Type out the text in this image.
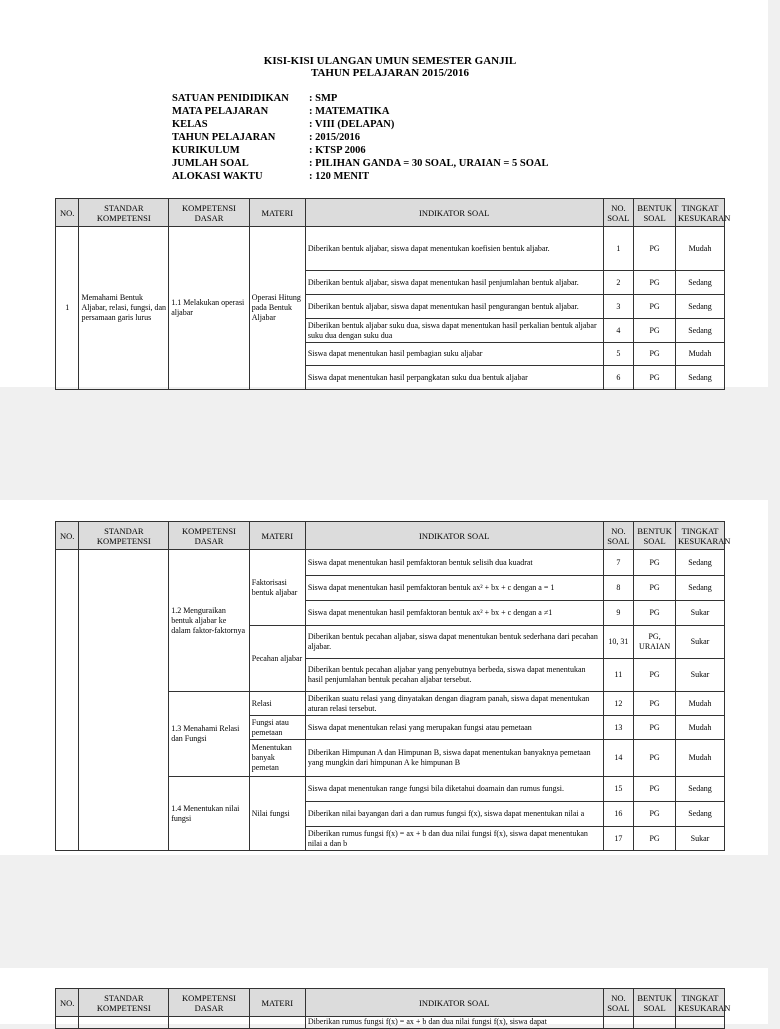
KISI-KISI ULANGAN UMUN SEMESTER GANJIL
TAHUN PELAJARAN 2015/2016
SATUAN PENIDIDIKAN	: SMP
MATA PELAJARAN	: MATEMATIKA
KELAS	: VIII (DELAPAN)
TAHUN PELAJARAN	: 2015/2016
KURIKULUM	: KTSP 2006
JUMLAH SOAL	: PILIHAN GANDA = 30 SOAL, URAIAN = 5 SOAL
ALOKASI WAKTU	: 120 MENIT
NO.	STANDAR KOMPETENSI	KOMPETENSI DASAR	MATERI	INDIKATOR SOAL	NO. SOAL	BENTUK SOAL	TINGKAT KESUKARAN
1	Memahami Bentuk Aljabar, relasi, fungsi, dan persamaan garis lurus	1.1 Melakukan operasi aljabar	Operasi Hitung pada Bentuk Aljabar	Diberikan bentuk aljabar, siswa dapat menentukan koefisien bentuk aljabar.	1	PG	Mudah
				Diberikan bentuk aljabar, siswa dapat menentukan hasil penjumlahan bentuk aljabar.	2	PG	Sedang
				Diberikan bentuk aljabar, siswa dapat menentukan hasil pengurangan bentuk aljabar.	3	PG	Sedang
				Diberikan bentuk aljabar suku dua, siswa dapat menentukan hasil perkalian bentuk aljabar suku dua dengan suku dua	4	PG	Sedang
				Siswa dapat menentukan hasil pembagian suku aljabar	5	PG	Mudah
				Siswa dapat menentukan hasil perpangkatan suku dua bentuk aljabar	6	PG	Sedang
NO.	STANDAR KOMPETENSI	KOMPETENSI DASAR	MATERI	INDIKATOR SOAL	NO. SOAL	BENTUK SOAL	TINGKAT KESUKARAN
		1.2 Menguraikan bentuk aljabar ke dalam faktor-faktornya	Faktorisasi bentuk aljabar	Siswa dapat menentukan hasil pemfaktoran bentuk selisih dua kuadrat	7	PG	Sedang
				Siswa dapat menentukan hasil pemfaktoran bentuk ax² + bx + c dengan a = 1	8	PG	Sedang
				Siswa dapat menentukan hasil pemfaktoran bentuk ax² + bx + c dengan a ≠1	9	PG	Sukar
			Pecahan aljabar	Diberikan bentuk pecahan aljabar, siswa dapat menentukan bentuk sederhana dari pecahan aljabar.	10, 31	PG, URAIAN	Sukar
				Diberikan bentuk pecahan aljabar yang penyebutnya berbeda, siswa dapat menentukan hasil penjumlahan bentuk pecahan aljabar tersebut.	11	PG	Sukar
		1.3 Menahami Relasi dan Fungsi	Relasi	Diberikan suatu relasi yang dinyatakan dengan diagram panah, siswa dapat menentukan aturan relasi tersebut.	12	PG	Mudah
			Fungsi atau pemetaan	Siswa dapat menentukan relasi yang merupakan fungsi atau pemetaan	13	PG	Mudah
			Menentukan banyak pemetan	Diberikan Himpunan A dan Himpunan B, siswa dapat menentukan banyaknya pemetaan yang mungkin dari himpunan A ke himpunan B	14	PG	Mudah
		1.4 Menentukan nilai fungsi	Nilai fungsi	Siswa dapat menentukan range fungsi bila diketahui doamain dan rumus fungsi.	15	PG	Sedang
				Diberikan nilai bayangan dari a dan rumus fungsi f(x), siswa dapat menentukan nilai a	16	PG	Sedang
				Diberikan rumus fungsi f(x) = ax + b dan dua nilai fungsi f(x), siswa dapat menentukan nilai a dan b	17	PG	Sukar
NO.	STANDAR KOMPETENSI	KOMPETENSI DASAR	MATERI	INDIKATOR SOAL	NO. SOAL	BENTUK SOAL	TINGKAT KESUKARAN
				Diberikan rumus fungsi f(x) = ax + b dan dua nilai fungsi f(x), siswa dapat			
